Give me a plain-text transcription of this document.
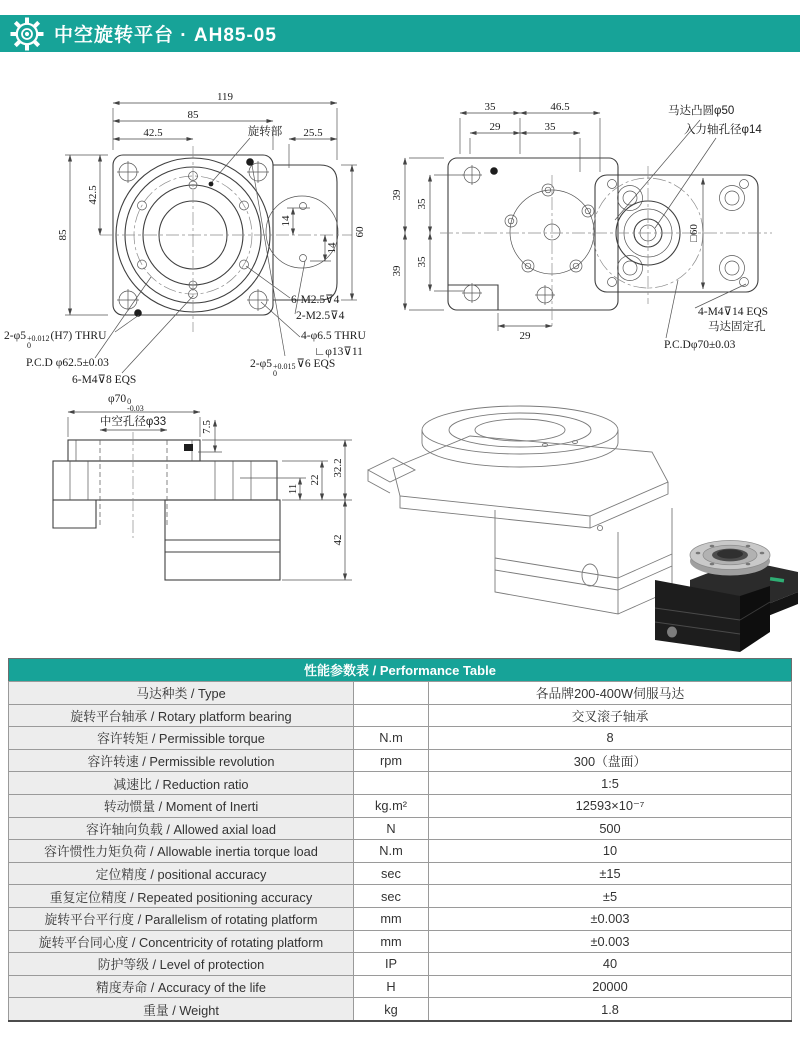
中空旋转平台 · AH85-05
119
85
42.5	旋转部 25.5
42.5
85
14
14
60
6-M2.5⊽4
2-M2.5⊽4
4-φ6.5 THRU
∟φ13⊽11
2-φ5 +0.015
0
⊽6 EQS
2-φ5 +0.012
0
(H7) THRU
P.C.D φ62.5±0.03
6-M4⊽8 EQS
35	46.5
29	35
马达凸圆φ50
入力轴孔径φ14
39
39
35
35
□60
29
4-M4⊽14 EQS
马达固定孔
P.C.Dφ70±0.03
φ70 0
-0.03
中空孔径φ33	7.5
32.2
22
11
42
性能参数表 / Performance Table
马达种类 / Type		各品牌200-400W伺服马达
旋转平台轴承 / Rotary platform bearing		交叉滚子轴承
容许转矩 / Permissible torque	N.m	8
容许转速 / Permissible revolution	rpm	300（盘面）
减速比 / Reduction ratio		1:5
转动惯量 / Moment of Inerti	kg.m²	12593×10⁻⁷
容许轴向负载 / Allowed axial load	N	500
容许惯性力矩负荷 / Allowable inertia torque load	N.m	10
定位精度 / positional accuracy	sec	±15
重复定位精度 / Repeated positioning accuracy	sec	±5
旋转平台平行度 / Parallelism of rotating platform	mm	±0.003
旋转平台同心度 / Concentricity of rotating platform	mm	±0.003
防护等级 / Level of protection	IP	40
精度寿命 / Accuracy of the life	H	20000
重量 / Weight	kg	1.8
